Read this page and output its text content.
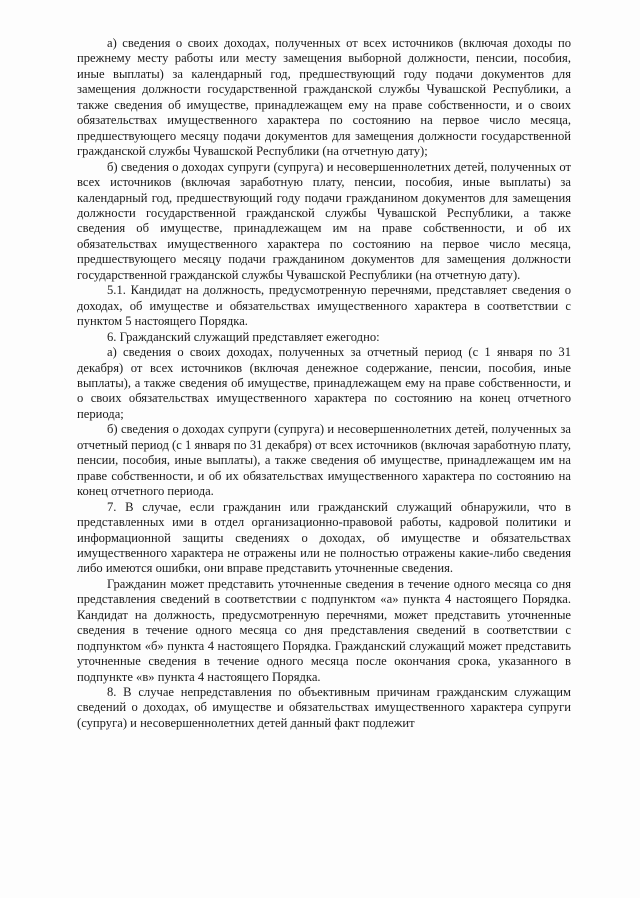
а) сведения о своих доходах, полученных от всех источников (включая доходы по прежнему месту работы или месту замещения выборной должности, пенсии, пособия, иные выплаты) за календарный год, предшествующий году подачи документов для замещения должности государственной гражданской службы Чувашской Республики, а также сведения об имуществе, принадлежащем ему на праве собственности, и о своих обязательствах имущественного характера по состоянию на первое число месяца, предшествующего месяцу подачи документов для замещения должности государственной гражданской службы Чувашской Республики (на отчетную дату);

б) сведения о доходах супруги (супруга) и несовершеннолетних детей, полученных от всех источников (включая заработную плату, пенсии, пособия, иные выплаты) за календарный год, предшествующий году подачи гражданином документов для замещения должности государственной гражданской службы Чувашской Республики, а также сведения об имуществе, принадлежащем им на праве собственности, и об их обязательствах имущественного характера по состоянию на первое число месяца, предшествующего месяцу подачи гражданином документов для замещения должности государственной гражданской службы Чувашской Республики (на отчетную дату).

5.1. Кандидат на должность, предусмотренную перечнями, представляет сведения о доходах, об имуществе и обязательствах имущественного характера в соответствии с пунктом 5 настоящего Порядка.

6. Гражданский служащий представляет ежегодно:

а) сведения о своих доходах, полученных за отчетный период (с 1 января по 31 декабря) от всех источников (включая денежное содержание, пенсии, пособия, иные выплаты), а также сведения об имуществе, принадлежащем ему на праве собственности, и о своих обязательствах имущественного характера по состоянию на конец отчетного периода;

б) сведения о доходах супруги (супруга) и несовершеннолетних детей, полученных за отчетный период (с 1 января по 31 декабря) от всех источников (включая заработную плату, пенсии, пособия, иные выплаты), а также сведения об имуществе, принадлежащем им на праве собственности, и об их обязательствах имущественного характера по состоянию на конец отчетного периода.

7. В случае, если гражданин или гражданский служащий обнаружили, что в представленных ими в отдел организационно-правовой работы, кадровой политики и информационной защиты сведениях о доходах, об имуществе и обязательствах имущественного характера не отражены или не полностью отражены какие-либо сведения либо имеются ошибки, они вправе представить уточненные сведения.

Гражданин может представить уточненные сведения в течение одного месяца со дня представления сведений в соответствии с подпунктом «а» пункта 4 настоящего Порядка. Кандидат на должность, предусмотренную перечнями, может представить уточненные сведения в течение одного месяца со дня представления сведений в соответствии с подпунктом «б» пункта 4 настоящего Порядка. Гражданский служащий может представить уточненные сведения в течение одного месяца после окончания срока, указанного в подпункте «в» пункта 4 настоящего Порядка.

8. В случае непредставления по объективным причинам гражданским служащим сведений о доходах, об имуществе и обязательствах имущественного характера супруги (супруга) и несовершеннолетних детей данный факт подлежит
